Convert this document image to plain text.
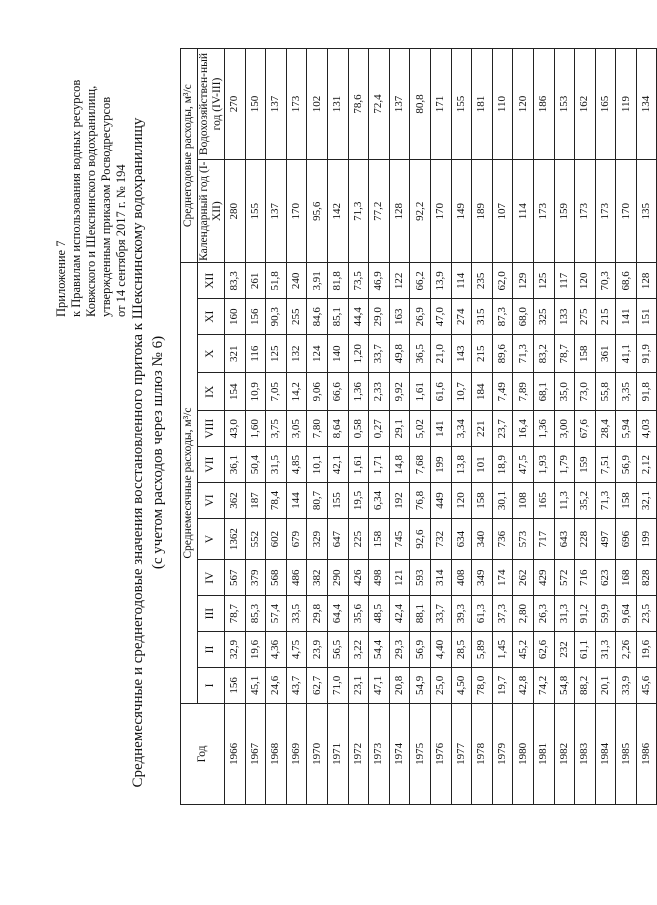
Приложение 7 к Правилам использования водных ресурсов Ковжского и Шекснинского водохранилищ, утвержденным приказом Росводресурсов от 14 сентября 2017 г. № 194 Среднемесячные и среднегодовые значения восстановленного притока к Шекснинскому водохранилищу (с учетом расходов через шлюз № 6)
Год	Среднемесячные расходы, м³/с												Среднегодовые расходы, м³/с	
	I	II	III	IV	V	VI	VII	VIII	IX	X	XI	XII	Календарный год (I-XII)	Водохозяйствен-ный год (IV-III)

1966	156	32,9	78,7	567	1362	362	36,1	43,0	154	321	160	83,3	280	270
1967	45,1	19,6	85,3	379	552	187	50,4	1,60	10,9	116	156	261	155	150
1968	24,6	4,36	57,4	568	602	78,4	31,5	3,75	7,05	125	90,3	51,8	137	137
1969	43,7	4,75	33,5	486	679	144	4,85	3,05	14,2	132	255	240	170	173
1970	62,7	23,9	29,8	382	329	80,7	10,1	7,80	9,06	124	84,6	3,91	95,6	102
1971	71,0	56,5	64,4	290	647	155	42,1	8,64	66,6	140	85,1	81,8	142	131
1972	23,1	3,22	35,6	426	225	19,5	1,61	0,58	1,36	1,20	44,4	73,5	71,3	78,6
1973	47,1	54,4	48,5	498	158	6,34	1,71	0,27	2,33	33,7	29,0	46,9	77,2	72,4
1974	20,8	29,3	42,4	121	745	192	14,8	29,1	9,92	49,8	163	122	128	137
1975	54,9	56,9	88,1	593	92,6	76,8	7,68	5,02	1,61	36,5	26,9	66,2	92,2	80,8
1976	25,0	4,40	33,7	314	732	449	199	141	61,6	21,0	47,0	13,9	170	171
1977	4,50	28,5	39,3	408	634	120	13,8	3,34	10,7	143	274	114	149	155
1978	78,0	5,89	61,3	349	340	158	101	221	184	215	315	235	189	181
1979	19,7	1,45	37,3	174	736	30,1	18,9	23,7	7,49	89,6	87,3	62,0	107	110
1980	42,8	45,2	2,80	262	573	108	47,5	16,4	7,89	71,3	68,0	129	114	120
1981	74,2	62,6	26,3	429	717	165	1,93	1,36	68,1	83,2	325	125	173	186
1982	54,8	232	31,3	572	643	11,3	1,79	3,00	35,0	78,7	133	117	159	153
1983	88,2	61,1	91,2	716	228	35,2	159	67,6	73,0	158	275	120	173	162
1984	20,1	31,3	59,9	623	497	71,3	7,51	28,4	55,8	361	215	70,3	173	165
1985	33,9	2,26	9,64	168	696	158	56,9	5,94	3,35	41,1	141	68,6	170	119
1986	45,6	19,6	23,5	828	199	32,1	2,12	4,03	91,8	91,9	151	128	135	134
